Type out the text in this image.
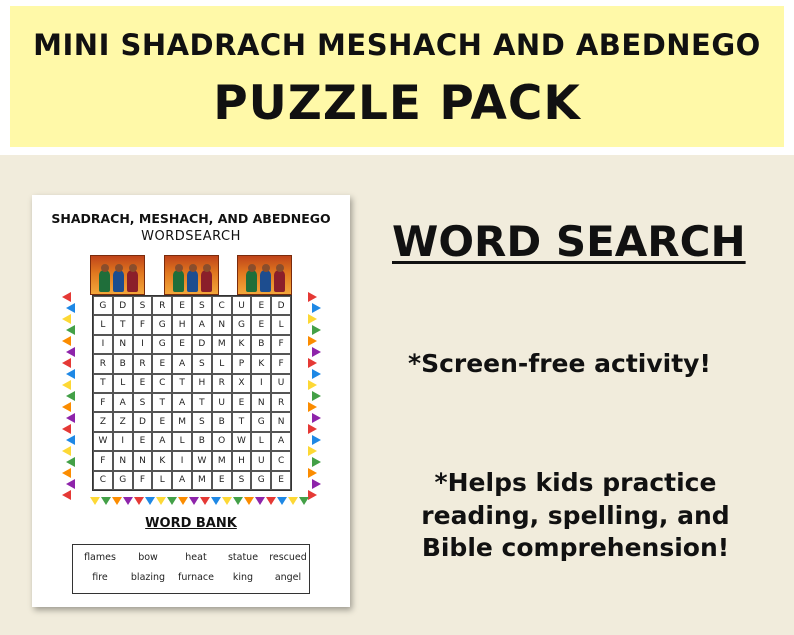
MINI SHADRACH MESHACH AND ABEDNEGO
PUZZLE PACK
SHADRACH, MESHACH, AND ABEDNEGO
WORDSEARCH
G	D	S	R	E	S	C	U	E	D
L	T	F	G	H	A	N	G	E	L
I	N	I	G	E	D	M	K	B	F
R	B	R	E	A	S	L	P	K	F
T	L	E	C	T	H	R	X	I	U
F	A	S	T	A	T	U	E	N	R
Z	Z	D	E	M	S	B	T	G	N
W	I	E	A	L	B	O	W	L	A
F	N	N	K	I	W	M	H	U	C
C	G	F	L	A	M	E	S	G	E
WORD BANK
flames	bow	heat	statue	rescued
fire	blazing	furnace	king	angel
WORD SEARCH
*Screen-free activity!
*Helps kids practice
reading, spelling, and
Bible comprehension!
